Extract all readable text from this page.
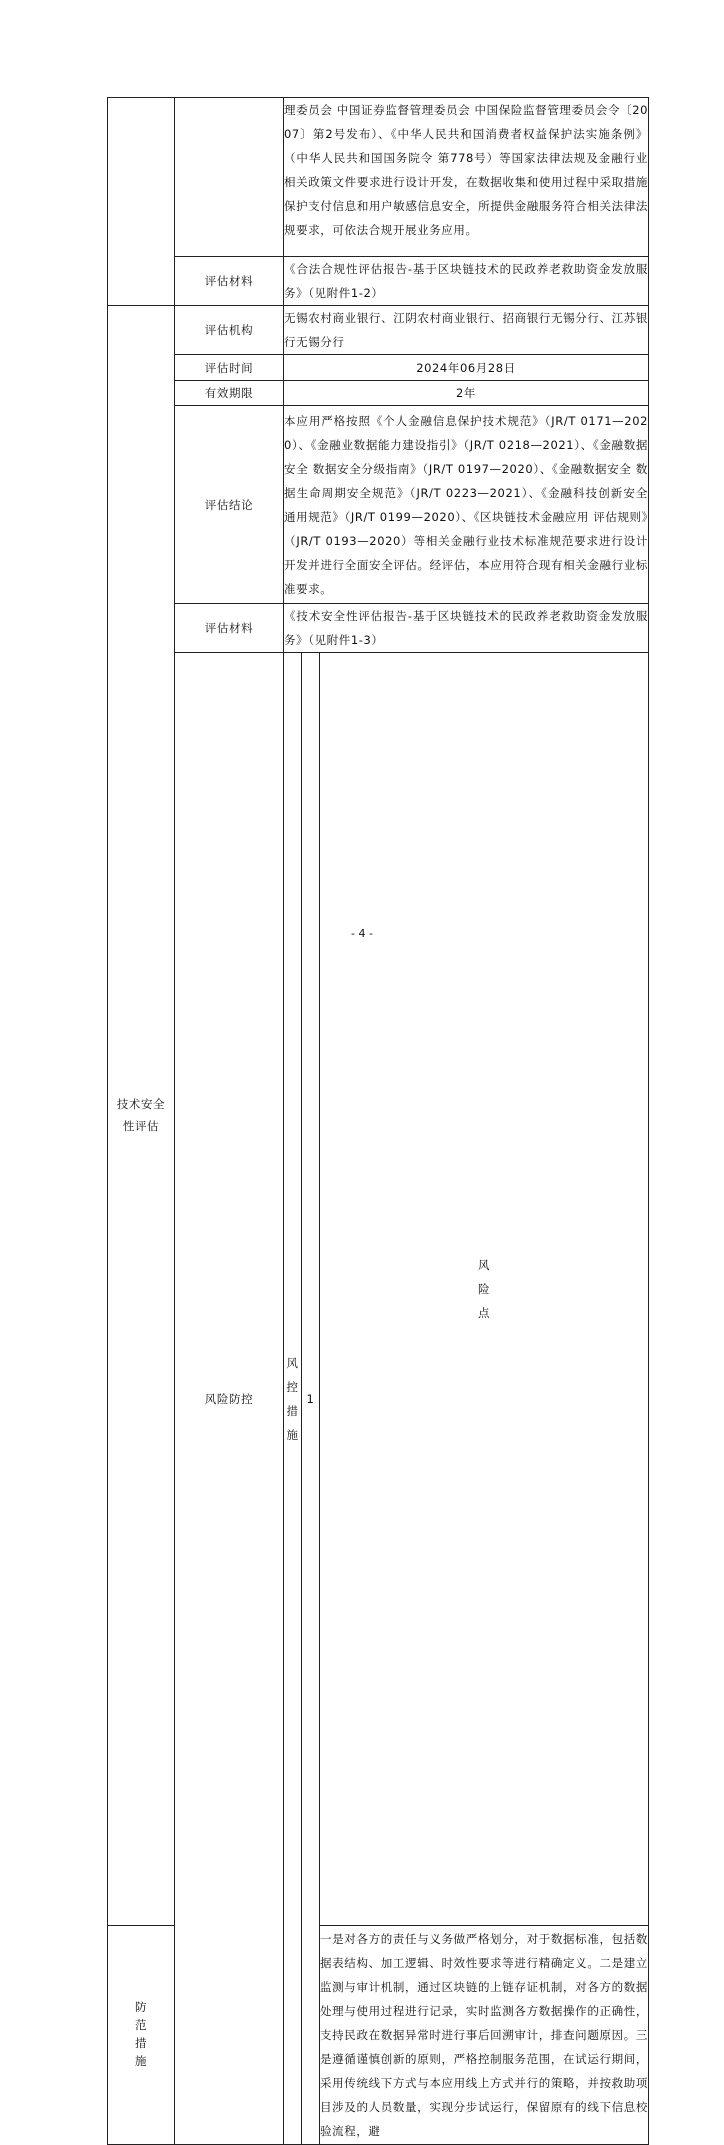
		理委员会 中国证券监督管理委员会 中国保险监督管理委员会令〔2007〕第2号发布）、《中华人民共和国消费者权益保护法实施条例》（中华人民共和国国务院令 第778号）等国家法律法规及金融行业相关政策文件要求进行设计开发，在数据收集和使用过程中采取措施保护支付信息和用户敏感信息安全，所提供金融服务符合相关法律法规要求，可依法合规开展业务应用。			
	评估材料	《合法合规性评估报告-基于区块链技术的民政养老救助资金发放服务》（见附件1-2）			
技术安全性评估	评估机构	无锡农村商业银行、江阴农村商业银行、招商银行无锡分行、江苏银行无锡分行			
	评估时间	2024年06月28日			
	有效期限	2年			
	评估结论	本应用严格按照《个人金融信息保护技术规范》（JR/T 0171—2020）、《金融业数据能力建设指引》（JR/T 0218—2021）、《金融数据安全 数据安全分级指南》（JR/T 0197—2020）、《金融数据安全 数据生命周期安全规范》（JR/T 0223—2021）、《金融科技创新安全通用规范》（JR/T 0199—2020）、《区块链技术金融应用 评估规则》（JR/T 0193—2020）等相关金融行业技术标准规范要求进行设计开发并进行全面安全评估。经评估，本应用符合现有相关金融行业标准要求。			
	评估材料	《技术安全性评估报告-基于区块链技术的民政养老救助资金发放服务》（见附件1-3）			
	风险防控	风控措施	1	风险点	
防范措施				一是对各方的责任与义务做严格划分，对于数据标准，包括数据表结构、加工逻辑、时效性要求等进行精确定义。二是建立监测与审计机制，通过区块链的上链存证机制，对各方的数据处理与使用过程进行记录，实时监测各方数据操作的正确性，支持民政在数据异常时进行事后回溯审计，排查问题原因。三是遵循谨慎创新的原则，严格控制服务范围，在试运行期间，采用传统线下方式与本应用线上方式并行的策略，并按救助项目涉及的人员数量，实现分步试运行，保留原有的线下信息校验流程，避	
- 4 -
